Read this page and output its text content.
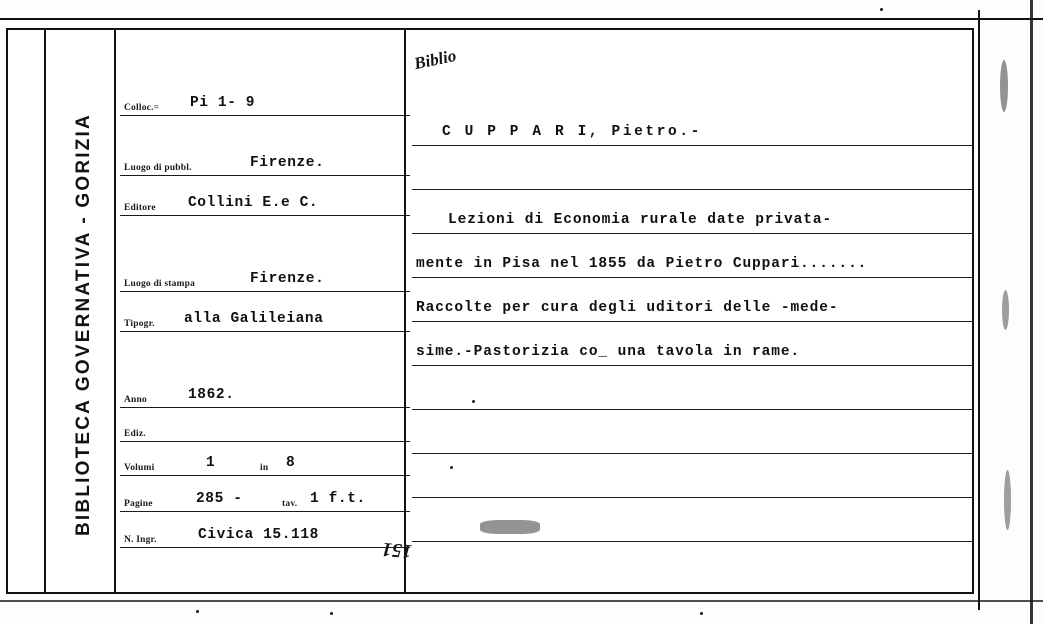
BIBLIOTECA GOVERNATIVA - GORIZIA
Colloc.= Pi 1- 9
Biblio
Luogo di pubbl.	Firenze.
Editore Collini E.e C.
Luogo di stampa	Firenze.
Tipogr. alla Galileiana
Anno	1862.
Ediz.
Volumi	1	in 8
Pagine	285 -	tav. 1 f.t.
N. Ingr.	Civica 15.118
151
C U P P A R I, Pietro.-
Lezioni di Economia rurale date privata-
mente in Pisa nel 1855 da Pietro Cuppari.......
Raccolte per cura degli uditori delle -mede-
sime.-Pastorizia co_ una tavola in rame.
